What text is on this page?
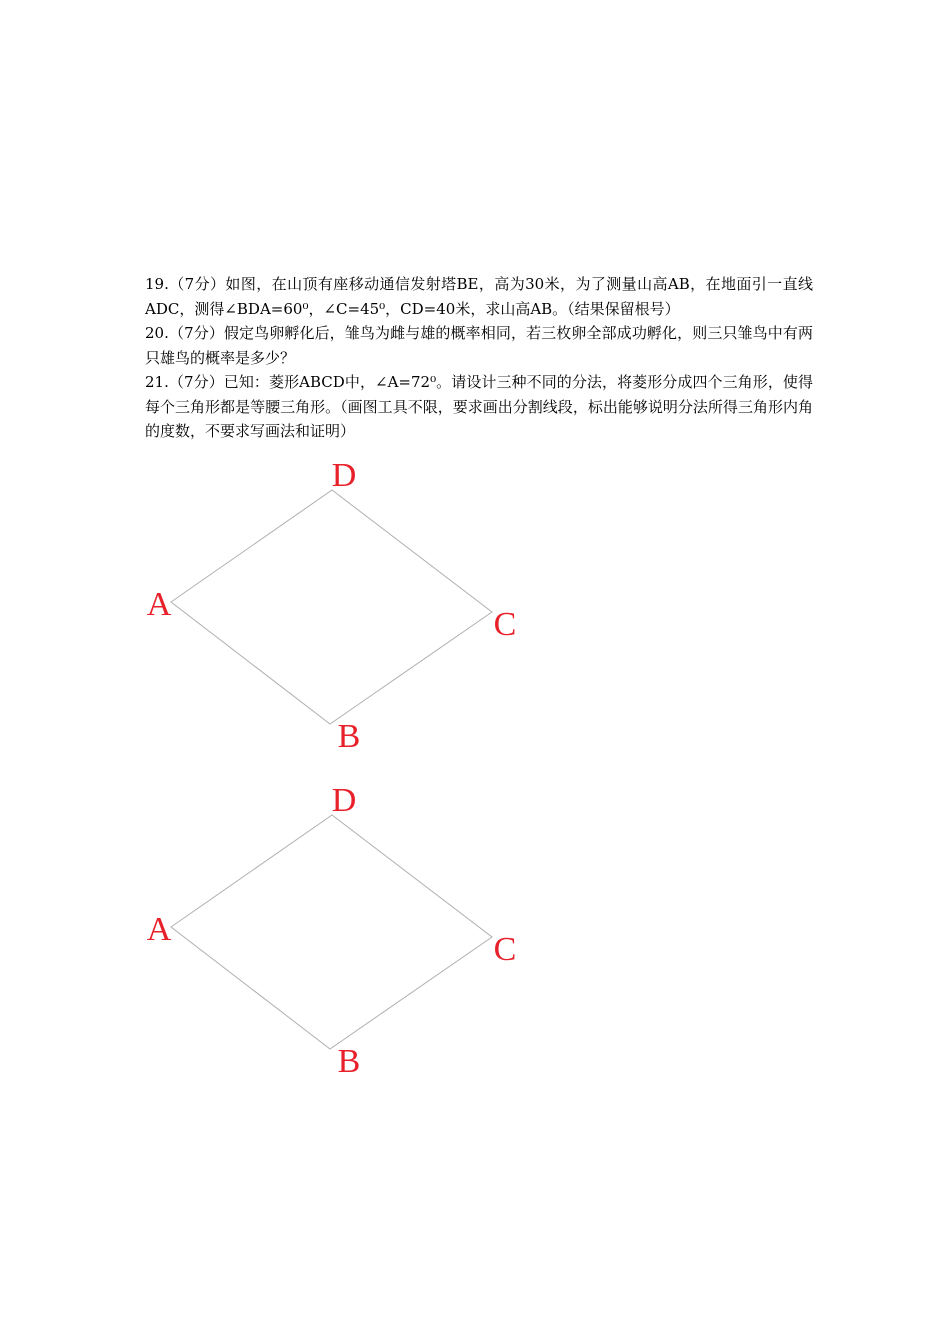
19.（7分）如图，在山顶有座移动通信发射塔BE，高为30米，为了测量山高AB，在地面引一直线ADC，测得∠BDA=60⁰，∠C=45⁰，CD=40米，求山高AB。（结果保留根号）

20.（7分）假定鸟卵孵化后，雏鸟为雌与雄的概率相同，若三枚卵全部成功孵化，则三只雏鸟中有两只雄鸟的概率是多少？

21.（7分）已知：菱形ABCD中，∠A=72⁰。请设计三种不同的分法，将菱形分成四个三角形，使得每个三角形都是等腰三角形。（画图工具不限，要求画出分割线段，标出能够说明分法所得三角形内角的度数，不要求写画法和证明）

D
A
C
B
D
A
C
B
